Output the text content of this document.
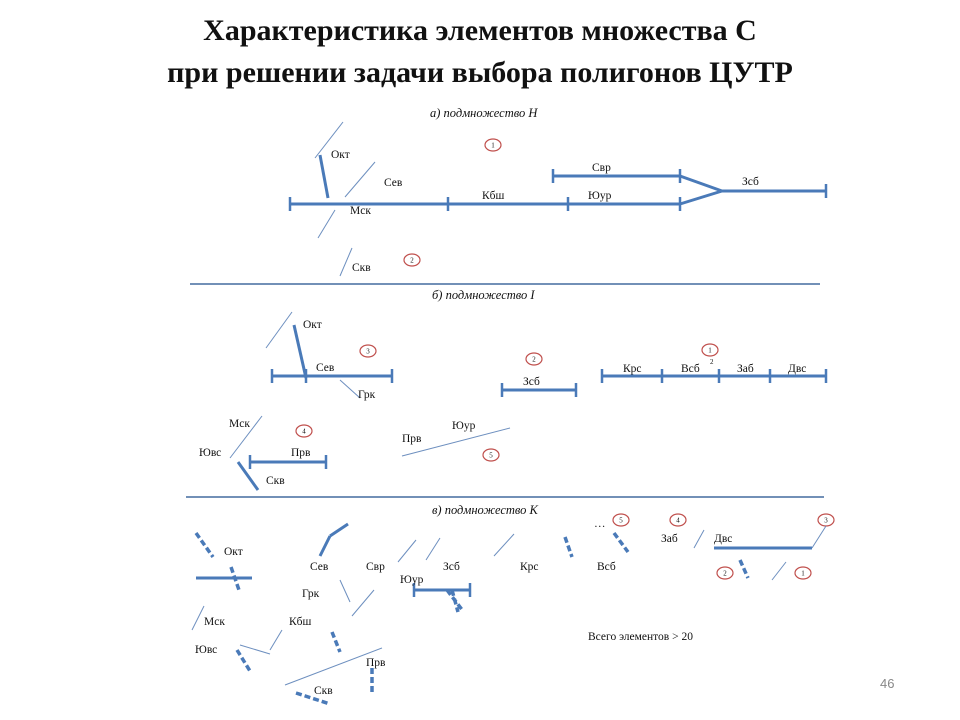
Характеристика элементов множества C
при решении задачи выбора полигонов ЦУТР
а) подмножество H
Окт
Сев
Мск
Скв
Кбш	Юур
Свр
Зсб
1
2
б) подмножество I
Окт
Сев
Грк
3
Зсб
2
Крс	Всб
2
Заб	Двс
1
Мск
Ювс	Прв
Скв
4
Прв
Юур
5
в) подмножество K
…
Окт
Сев
Грк
Свр	Зсб
Юур
Крс	Всб
5	4	3
Заб	Двс
2	1
Мск	Кбш
Ювс
Прв
Скв
Всего элементов > 20
46
